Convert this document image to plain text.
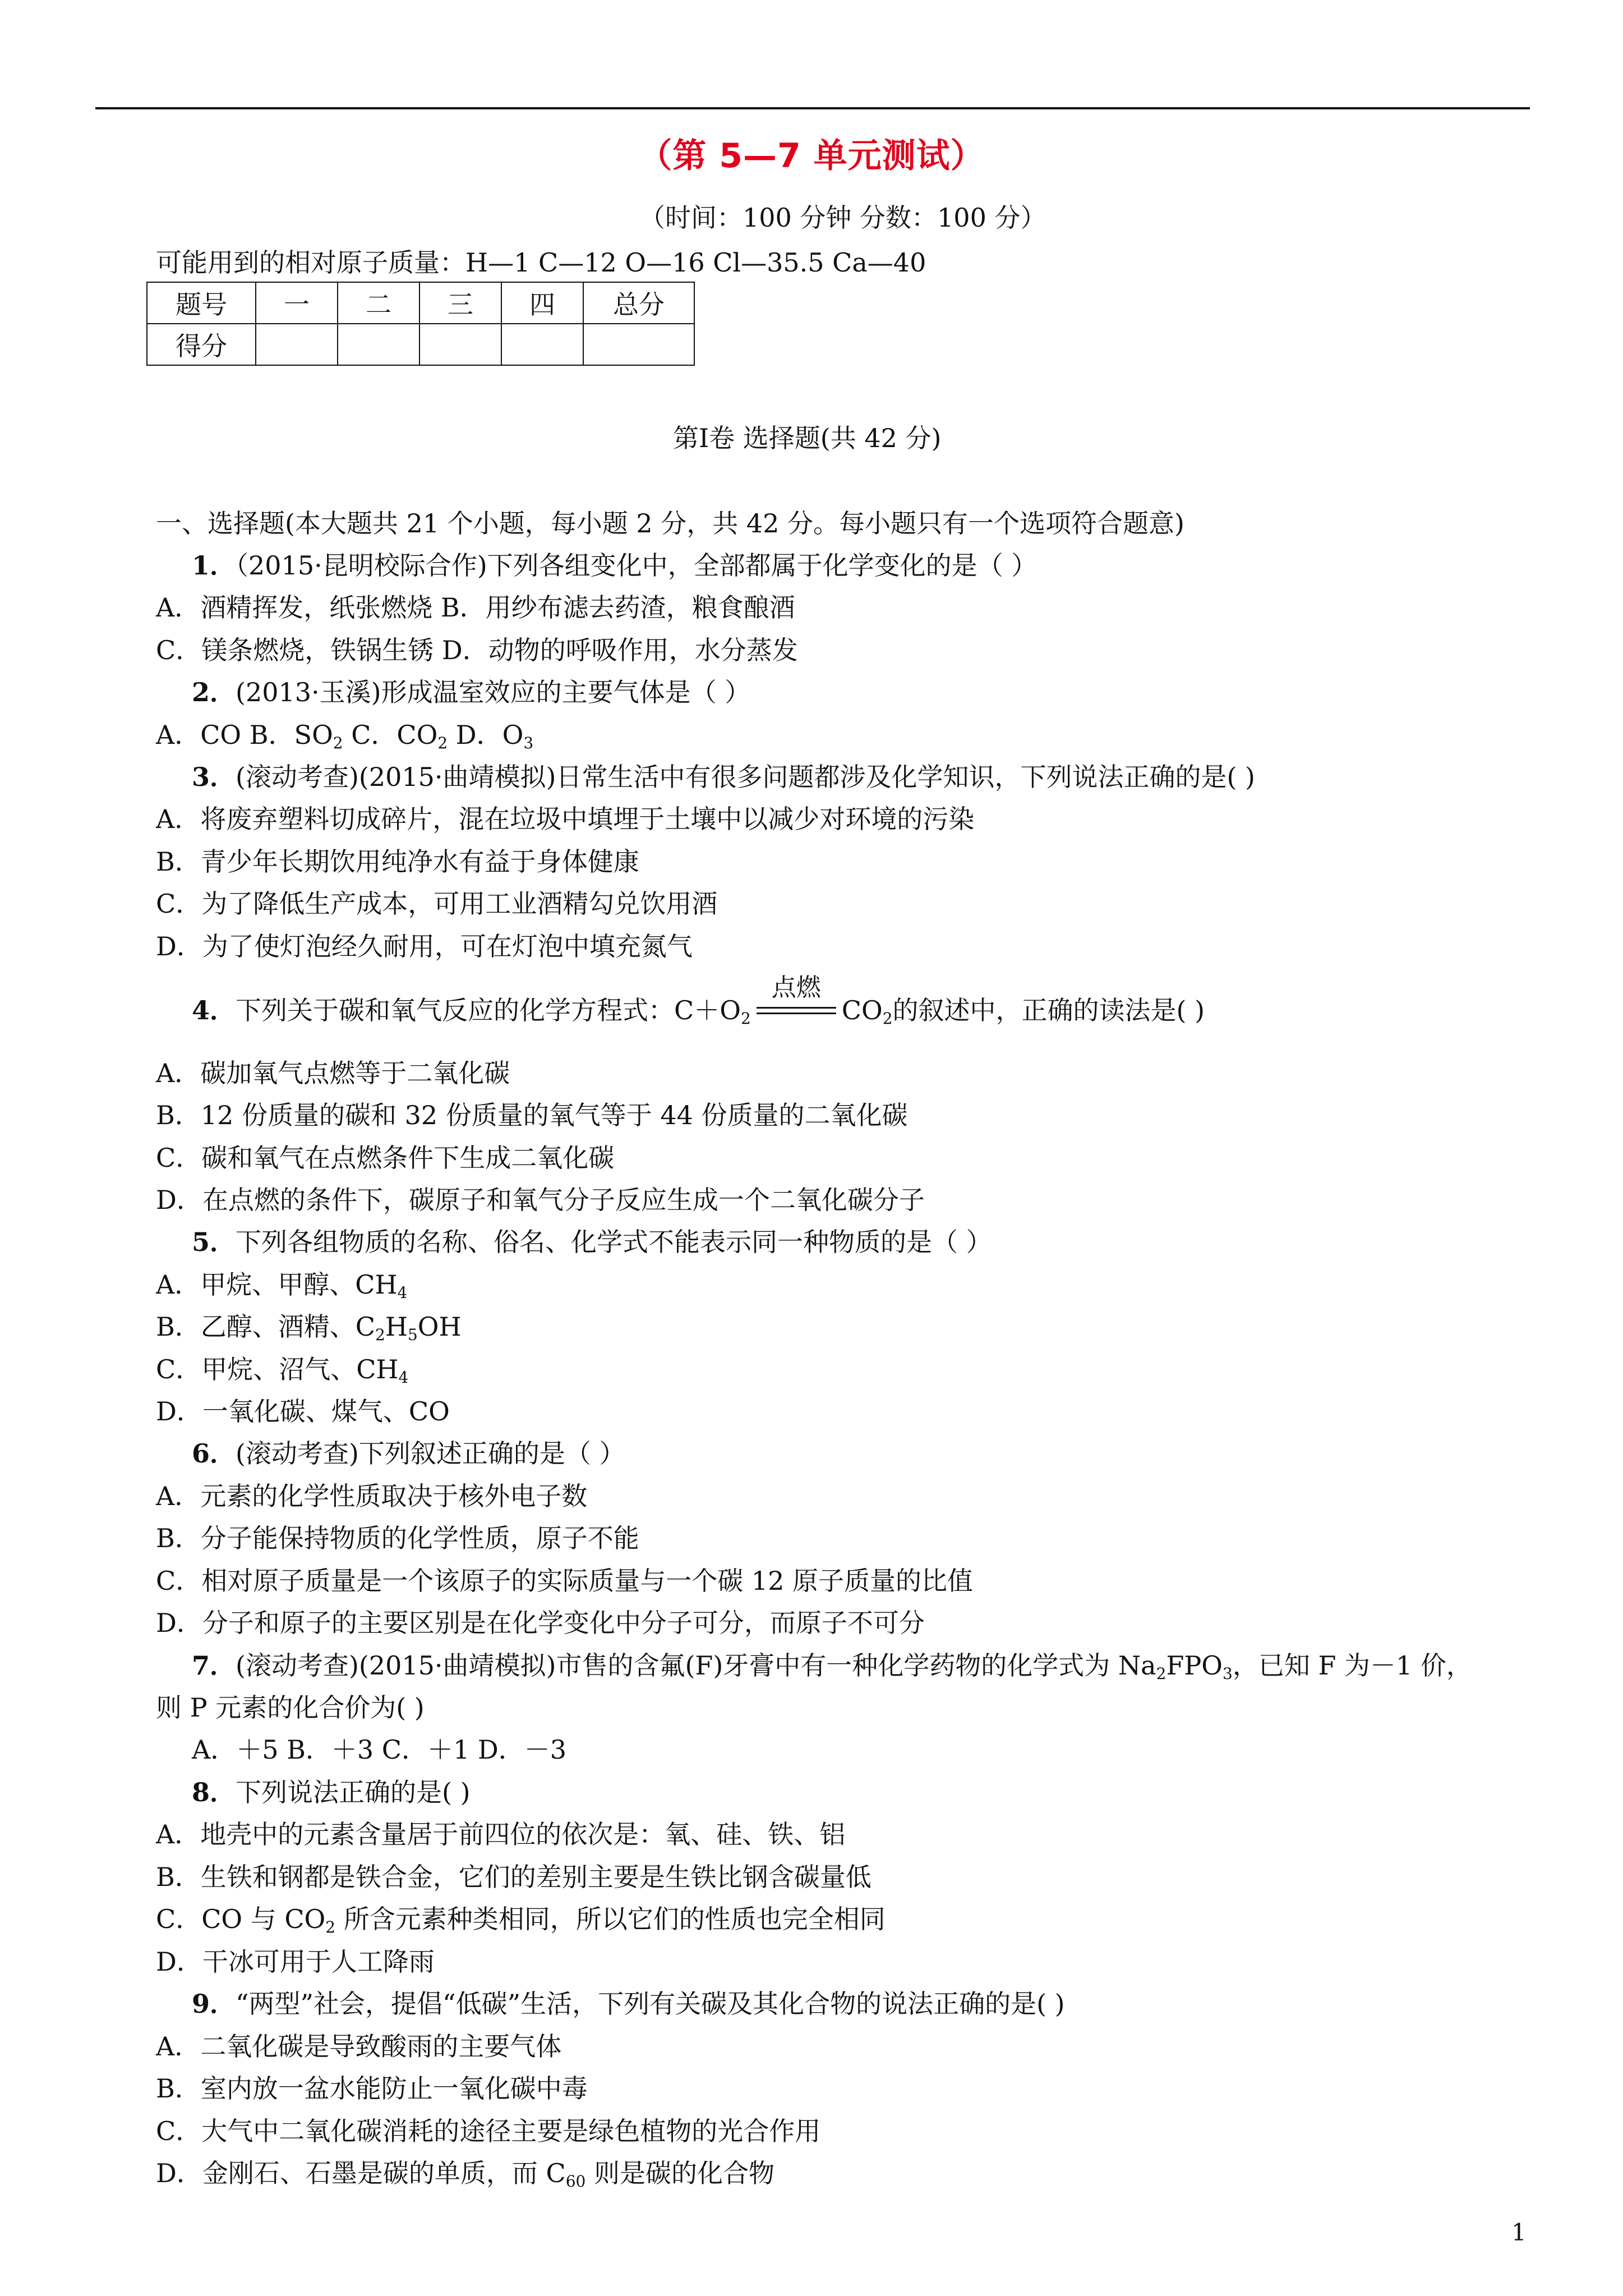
（第 5—7 单元测试）
（时间：100 分钟 分数：100 分）
可能用到的相对原子质量：H—1 C—12 O—16 Cl—35.5 Ca—40
题号	一	二	三	四	总分
得分					
第Ⅰ卷 选择题(共 42 分)
一、选择题(本大题共 21 个小题，每小题 2 分，共 42 分。每小题只有一个选项符合题意)
1．（2015·昆明校际合作)下列各组变化中，全部都属于化学变化的是（ ）
A．酒精挥发，纸张燃烧 B．用纱布滤去药渣，粮食酿酒
C．镁条燃烧，铁锅生锈 D．动物的呼吸作用，水分蒸发
2．(2013·玉溪)形成温室效应的主要气体是（ ）
A．CO B．$SO_2$ C．$CO_2$ D．$O_3$
3．(滚动考查)(2015·曲靖模拟)日常生活中有很多问题都涉及化学知识，下列说法正确的是( )
A．将废弃塑料切成碎片，混在垃圾中填埋于土壤中以减少对环境的污染
B．青少年长期饮用纯净水有益于身体健康
C．为了降低生产成本，可用工业酒精勾兑饮用酒
D．为了使灯泡经久耐用，可在灯泡中填充氮气
4．下列关于碳和氧气反应的化学方程式：$C+O_2$
点燃
$CO_2$的叙述中，正确的读法是( )
A．碳加氧气点燃等于二氧化碳
B．12 份质量的碳和 32 份质量的氧气等于 44 份质量的二氧化碳
C．碳和氧气在点燃条件下生成二氧化碳
D．在点燃的条件下，碳原子和氧气分子反应生成一个二氧化碳分子
5．下列各组物质的名称、俗名、化学式不能表示同一种物质的是（ ）
A．甲烷、甲醇、$CH_4$
B．乙醇、酒精、$C_2H_5OH$
C．甲烷、沼气、$CH_4$
D．一氧化碳、煤气、CO
6．(滚动考查)下列叙述正确的是（ ）
A．元素的化学性质取决于核外电子数
B．分子能保持物质的化学性质，原子不能
C．相对原子质量是一个该原子的实际质量与一个碳 12 原子质量的比值
D．分子和原子的主要区别是在化学变化中分子可分，而原子不可分
7．(滚动考查)(2015·曲靖模拟)市售的含氟(F)牙膏中有一种化学药物的化学式为 $Na_2FPO_3$，已知 F 为－1 价，
则 P 元素的化合价为( )
A．＋5 B．＋3 C．＋1 D．－3
8．下列说法正确的是( )
A．地壳中的元素含量居于前四位的依次是：氧、硅、铁、铝
B．生铁和钢都是铁合金，它们的差别主要是生铁比钢含碳量低
C．CO 与 $CO_2$ 所含元素种类相同，所以它们的性质也完全相同
D．干冰可用于人工降雨
9．“两型”社会，提倡“低碳”生活，下列有关碳及其化合物的说法正确的是( )
A．二氧化碳是导致酸雨的主要气体
B．室内放一盆水能防止一氧化碳中毒
C．大气中二氧化碳消耗的途径主要是绿色植物的光合作用
D．金刚石、石墨是碳的单质，而 $C_{60}$ 则是碳的化合物
1
